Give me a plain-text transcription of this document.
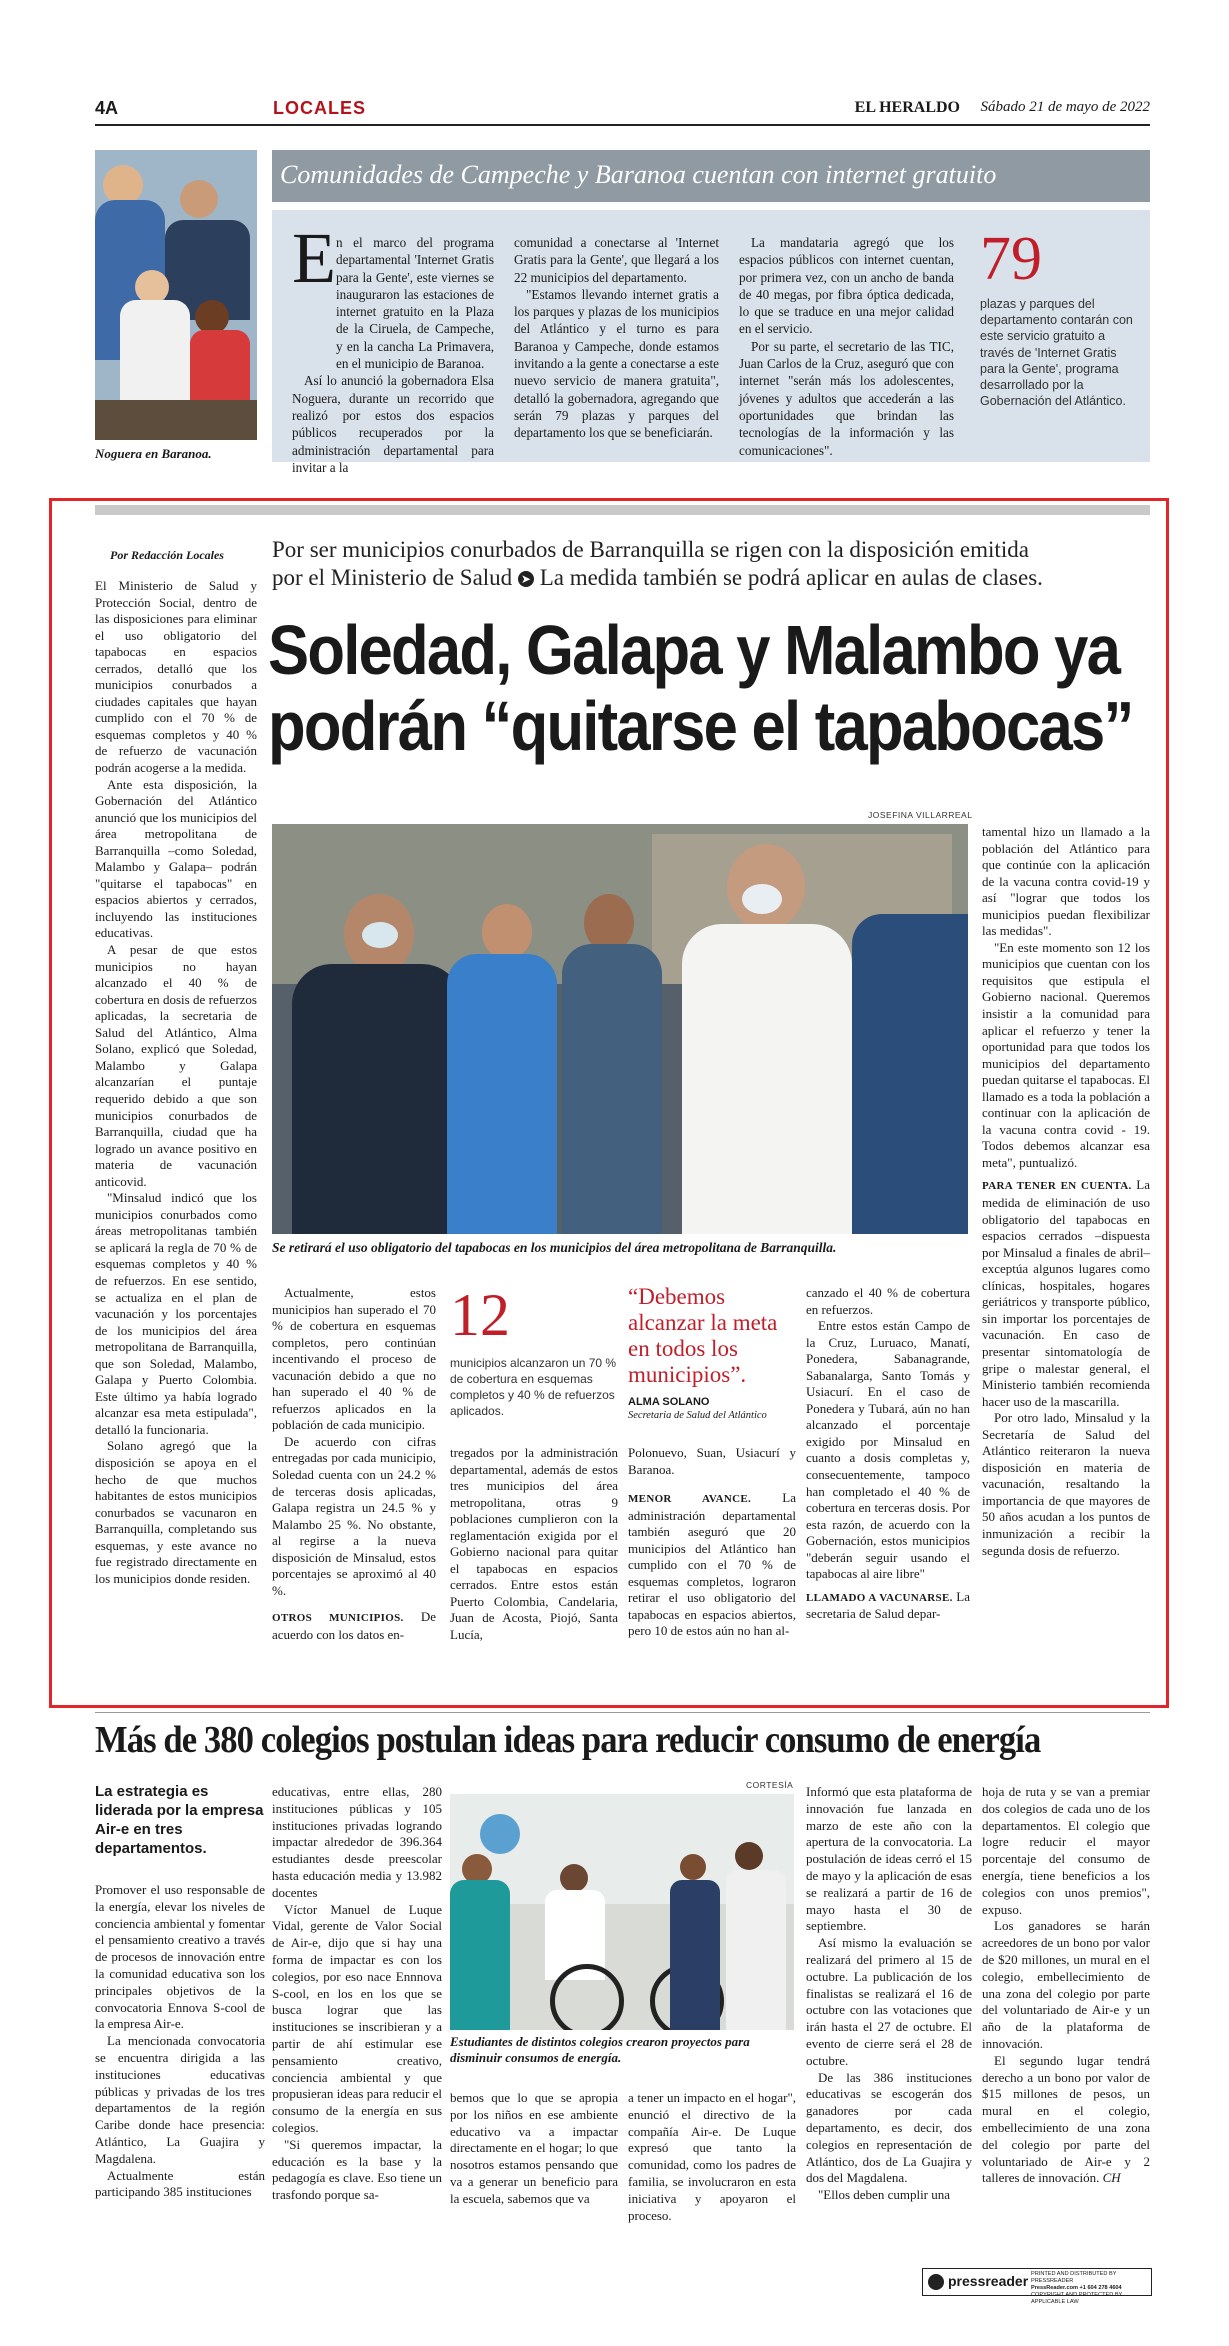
4A	LOCALES	EL HERALDO Sábado 21 de mayo de 2022
Noguera en Baranoa.
Comunidades de Campeche y Baranoa cuentan con internet gratuito
E n el marco del programa departamental 'Internet Gratis para la Gente', este viernes se inauguraron las estaciones de internet gratuito en la Plaza de la Ciruela, de Campeche, y en la cancha La Primavera, en el municipio de Baranoa.

Así lo anunció la gobernadora Elsa Noguera, durante un recorrido que realizó por estos dos espacios públicos recuperados por la administración departamental para invitar a la

comunidad a conectarse al 'Internet Gratis para la Gente', que llegará a los 22 municipios del departamento.

"Estamos llevando internet gratis a los parques y plazas de los municipios del Atlántico y el turno es para Baranoa y Campeche, donde estamos invitando a la gente a conectarse a este nuevo servicio de manera gratuita", detalló la gobernadora, agregando que serán 79 plazas y parques del departamento los que se beneficiarán.

La mandataria agregó que los espacios públicos con internet cuentan, por primera vez, con un ancho de banda de 40 megas, por fibra óptica dedicada, lo que se traduce en una mejor calidad en el servicio.

Por su parte, el secretario de las TIC, Juan Carlos de la Cruz, aseguró que con internet "serán más los adolescentes, jóvenes y adultos que accederán a las oportunidades que brindan las tecnologías de la información y las comunicaciones".

79
plazas y parques del departamento contarán con este servicio gratuito a través de 'Internet Gratis para la Gente', programa desarrollado por la Gobernación del Atlántico.
Por Redacción Locales Por ser municipios conurbados de Barranquilla se rigen con la disposición emitida
por el Ministerio de Salud ➤ La medida también se podrá aplicar en aulas de clases.
Soledad, Galapa y Malambo ya
podrán “quitarse el tapabocas”

El Ministerio de Salud y Protección Social, dentro de las disposiciones para eliminar el uso obligatorio del tapabocas en espacios cerrados, detalló que los municipios conurbados a ciudades capitales que hayan cumplido con el 70 % de esquemas completos y 40 % de refuerzo de vacunación podrán acogerse a la medida.

Ante esta disposición, la Gobernación del Atlántico anunció que los municipios del área metropolitana de Barranquilla –como Soledad, Malambo y Galapa– podrán "quitarse el tapabocas" en espacios abiertos y cerrados, incluyendo las instituciones educativas.

A pesar de que estos municipios no hayan alcanzado el 40 % de cobertura en dosis de refuerzos aplicadas, la secretaria de Salud del Atlántico, Alma Solano, explicó que Soledad, Malambo y Galapa alcanzarían el puntaje requerido debido a que son municipios conurbados de Barranquilla, ciudad que ha logrado un avance positivo en materia de vacunación anticovid.

"Minsalud indicó que los municipios conurbados como áreas metropolitanas también se aplicará la regla de 70 % de esquemas completos y 40 % de refuerzos. En ese sentido, se actualiza en el plan de vacunación y los porcentajes de los municipios del área metropolitana de Barranquilla, que son Soledad, Malambo, Galapa y Puerto Colombia. Este último ya había logrado alcanzar esa meta estipulada", detalló la funcionaria.

Solano agregó que la disposición se apoya en el hecho de que muchos habitantes de estos municipios conurbados se vacunaron en Barranquilla, completando sus esquemas, y este avance no fue registrado directamente en los municipios donde residen.

JOSEFINA VILLARREAL
Se retirará el uso obligatorio del tapabocas en los municipios del área metropolitana de Barranquilla.

tamental hizo un llamado a la población del Atlántico para que continúe con la aplicación de la vacuna contra covid-19 y así "lograr que todos los municipios puedan flexibilizar las medidas".

"En este momento son 12 los municipios que cuentan con los requisitos que estipula el Gobierno nacional. Queremos insistir a la comunidad para aplicar el refuerzo y tener la oportunidad para que todos los municipios del departamento puedan quitarse el tapabocas. El llamado es a toda la población a continuar con la aplicación de la vacuna contra covid - 19. Todos debemos alcanzar esa meta", puntualizó.

PARA TENER EN CUENTA. La medida de eliminación de uso obligatorio del tapabocas en espacios cerrados –dispuesta por Minsalud a finales de abril– exceptúa algunos lugares como clínicas, hospitales, hogares geriátricos y transporte público, sin importar los porcentajes de vacunación. En caso de presentar sintomatología de gripe o malestar general, el Ministerio también recomienda hacer uso de la mascarilla.

Por otro lado, Minsalud y la Secretaría de Salud del Atlántico reiteraron la nueva disposición en materia de vacunación, resaltando la importancia de que mayores de 50 años acudan a los puntos de inmunización a recibir la segunda dosis de refuerzo.

Actualmente, estos municipios han superado el 70 % de cobertura en esquemas completos, pero continúan incentivando el proceso de vacunación debido a que no han superado el 40 % de refuerzos aplicados en la población de cada municipio.

De acuerdo con cifras entregadas por cada municipio, Soledad cuenta con un 24.2 % de terceras dosis aplicadas, Galapa registra un 24.5 % y Malambo 25 %. No obstante, al regirse a la nueva disposición de Minsalud, estos porcentajes se aproximó al 40 %.

OTROS MUNICIPIOS. De acuerdo con los datos en-

12
municipios alcanzaron un 70 % de cobertura en esquemas completos y 40 % de refuerzos aplicados.

tregados por la administración departamental, además de estos tres municipios del área metropolitana, otras 9 poblaciones cumplieron con la reglamentación exigida por el Gobierno nacional para quitar el tapabocas en espacios cerrados. Entre estos están Puerto Colombia, Candelaria, Juan de Acosta, Piojó, Santa Lucía,

“Debemos alcanzar la meta en todos los municipios”.
ALMA SOLANO
Secretaria de Salud del Atlántico

Polonuevo, Suan, Usiacurí y Baranoa.

MENOR AVANCE. La administración departamental también aseguró que 20 municipios del Atlántico han cumplido con el 70 % de esquemas completos, lograron retirar el uso obligatorio del tapabocas en espacios abiertos, pero 10 de estos aún no han al-

canzado el 40 % de cobertura en refuerzos.

Entre estos están Campo de la Cruz, Luruaco, Manatí, Ponedera, Sabanagrande, Sabanalarga, Santo Tomás y Usiacurí. En el caso de Ponedera y Tubará, aún no han alcanzado el porcentaje exigido por Minsalud en cuanto a dosis completas y, consecuentemente, tampoco han completado el 40 % de cobertura en terceras dosis. Por esta razón, de acuerdo con la Gobernación, estos municipios "deberán seguir usando el tapabocas al aire libre"

LLAMADO A VACUNARSE. La secretaria de Salud depar-

Más de 380 colegios postulan ideas para reducir consumo de energía
La estrategia es liderada por la empresa Air-e en tres departamentos.

Promover el uso responsable de la energía, elevar los niveles de conciencia ambiental y fomentar el pensamiento creativo a través de procesos de innovación entre la comunidad educativa son los principales objetivos de la convocatoria Ennova S-cool de la empresa Air-e.

La mencionada convocatoria se encuentra dirigida a las instituciones educativas públicas y privadas de los tres departamentos de la región Caribe donde hace presencia: Atlántico, La Guajira y Magdalena.

Actualmente están participando 385 instituciones

educativas, entre ellas, 280 instituciones públicas y 105 instituciones privadas logrando impactar alrededor de 396.364 estudiantes desde preescolar hasta educación media y 13.982 docentes

Víctor Manuel de Luque Vidal, gerente de Valor Social de Air-e, dijo que si hay una forma de impactar es con los colegios, por eso nace Ennnova S-cool, en los en los que se busca lograr que las instituciones se inscribieran y a partir de ahí estimular ese pensamiento creativo, conciencia ambiental y que propusieran ideas para reducir el consumo de la energía en sus colegios.

"Si queremos impactar, la educación es la base y la pedagogía es clave. Eso tiene un trasfondo porque sa-

CORTESÍA
Estudiantes de distintos colegios crearon proyectos para disminuir consumos de energía.

bemos que lo que se apropia por los niños en ese ambiente educativo va a impactar directamente en el hogar; lo que nosotros estamos pensando que va a generar un beneficio para la escuela, sabemos que va

a tener un impacto en el hogar", enunció el directivo de la compañía Air-e. De Luque expresó que tanto la comunidad, como los padres de familia, se involucraron en esta iniciativa y apoyaron el proceso.

Informó que esta plataforma de innovación fue lanzada en marzo de este año con la apertura de la convocatoria. La postulación de ideas cerró el 15 de mayo y la aplicación de esas se realizará a partir de 16 de mayo hasta el 30 de septiembre.

Así mismo la evaluación se realizará del primero al 15 de octubre. La publicación de los finalistas se realizará el 16 de octubre con las votaciones que irán hasta el 27 de octubre. El evento de cierre será el 28 de octubre.

De las 386 instituciones educativas se escogerán dos ganadores por cada departamento, es decir, dos colegios en representación de Atlántico, dos de La Guajira y dos del Magdalena.

"Ellos deben cumplir una

hoja de ruta y se van a premiar dos colegios de cada uno de los departamentos. El colegio que logre reducir el mayor porcentaje del consumo de energía, tiene beneficios a los colegios con unos premios", expuso.

Los ganadores se harán acreedores de un bono por valor de $20 millones, un mural en el colegio, embellecimiento de una zona del colegio por parte del voluntariado de Air-e y un año de la plataforma de innovación.

El segundo lugar tendrá derecho a un bono por valor de $15 millones de pesos, un mural en el colegio, embellecimiento de una zona del colegio por parte del voluntariado de Air-e y 2 talleres de innovación. CH

pressreader PRINTED AND DISTRIBUTED BY PRESSREADER
PressReader.com +1 604 278 4604
COPYRIGHT AND PROTECTED BY APPLICABLE LAW
